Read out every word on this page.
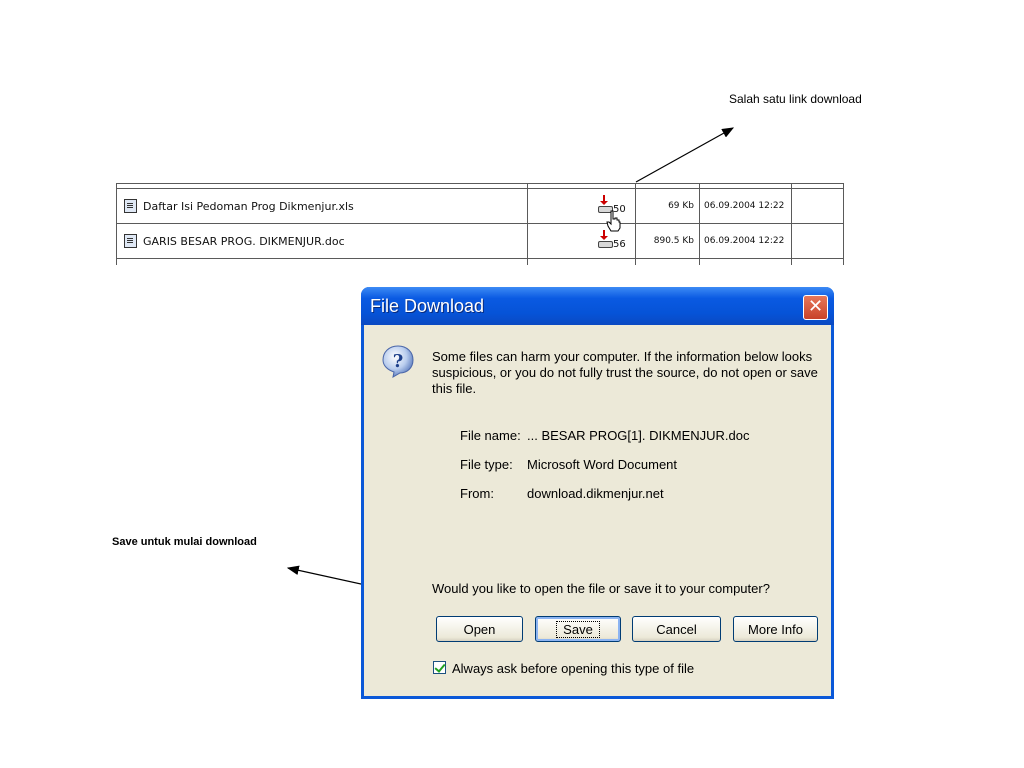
Salah satu link download
Save untuk mulai download
Daftar Isi Pedoman Prog Dikmenjur.xls	50	69 Kb 06.09.2004 12:22
GARIS BESAR PROG. DIKMENJUR.doc	56	890.5 Kb 06.09.2004 12:22
File Download	✕
? Some files can harm your computer. If the information below looks suspicious, or you do not fully trust the source, do not open or save this file.
File name: ... BESAR PROG[1]. DIKMENJUR.doc
File type: Microsoft Word Document
From:	download.dikmenjur.net
Would you like to open the file or save it to your computer?
Open	Save	Cancel	More Info
Always ask before opening this type of file
